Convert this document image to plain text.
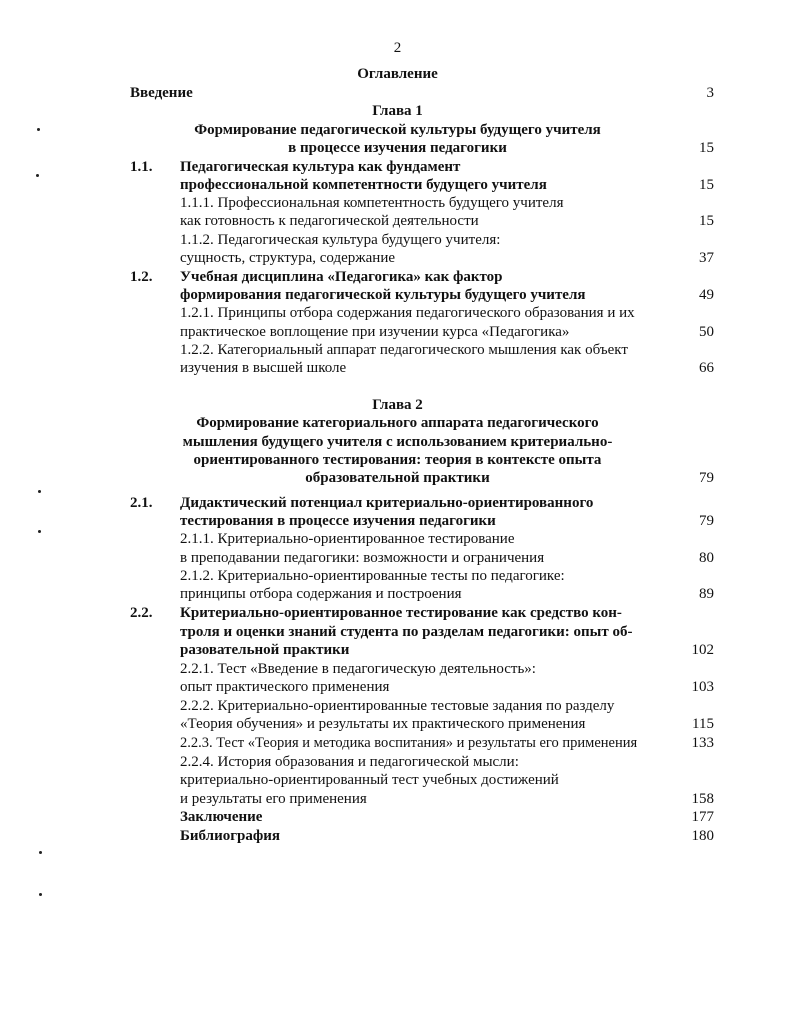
2
Оглавление
Введение	3
Глава 1
Формирование педагогической культуры будущего учителя
в процессе изучения педагогики	15
1.1. Педагогическая культура как фундамент
профессиональной компетентности будущего учителя	15
1.1.1. Профессиональная компетентность будущего учителя
как готовность к педагогической деятельности	15
1.1.2. Педагогическая культура будущего учителя:
сущность, структура, содержание	37
1.2. Учебная дисциплина «Педагогика» как фактор
формирования педагогической культуры будущего учителя	49
1.2.1. Принципы отбора содержания педагогического образования и их
практическое воплощение при изучении курса «Педагогика»	50
1.2.2. Категориальный аппарат педагогического мышления как объект
изучения в высшей школе	66
Глава 2
Формирование категориального аппарата педагогического
мышления будущего учителя с использованием критериально-
ориентированного тестирования: теория в контексте опыта
образовательной практики	79
2.1. Дидактический потенциал критериально-ориентированного
тестирования в процессе изучения педагогики	79
2.1.1. Критериально-ориентированное тестирование
в преподавании педагогики: возможности и ограничения	80
2.1.2. Критериально-ориентированные тесты по педагогике:
принципы отбора содержания и построения	89
2.2. Критериально-ориентированное тестирование как средство кон-
троля и оценки знаний студента по разделам педагогики: опыт об-
разовательной практики	102
2.2.1. Тест «Введение в педагогическую деятельность»:
опыт практического применения	103
2.2.2. Критериально-ориентированные тестовые задания по разделу
«Теория обучения» и результаты их практического применения	115
2.2.3. Тест «Теория и методика воспитания» и результаты его применения	133
2.2.4. История образования и педагогической мысли:
критериально-ориентированный тест учебных достижений
и результаты его применения	158
Заключение	177
Библиография	180
